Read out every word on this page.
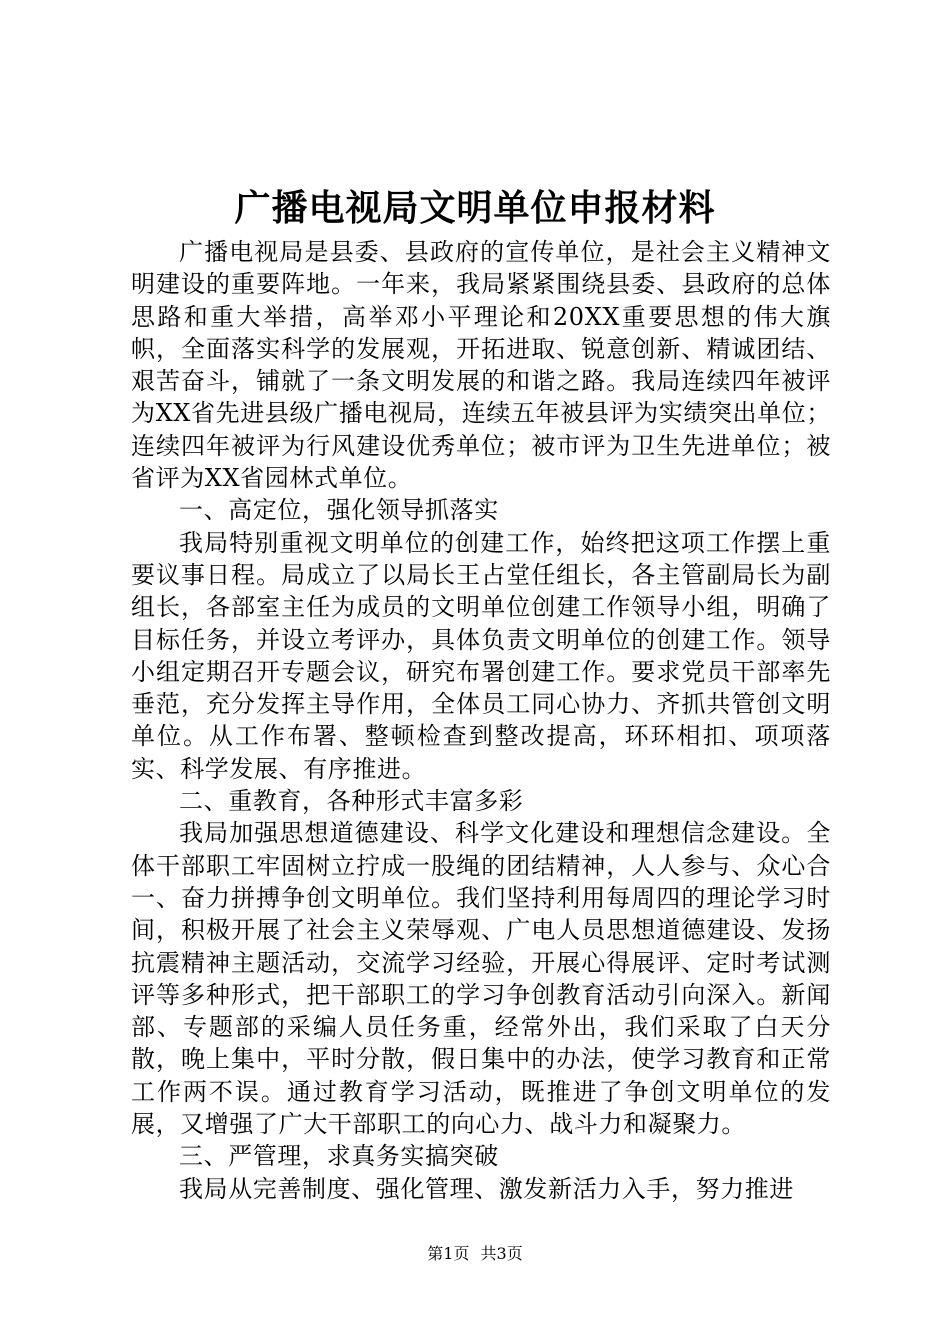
广播电视局文明单位申报材料

广播电视局是县委、县政府的宣传单位，是社会主义精神文明建设的重要阵地。一年来，我局紧紧围绕县委、县政府的总体思路和重大举措，高举邓小平理论和20XX重要思想的伟大旗帜，全面落实科学的发展观，开拓进取、锐意创新、精诚团结、艰苦奋斗，铺就了一条文明发展的和谐之路。我局连续四年被评为XX省先进县级广播电视局，连续五年被县评为实绩突出单位；连续四年被评为行风建设优秀单位；被市评为卫生先进单位；被省评为XX省园林式单位。

一、高定位，强化领导抓落实

我局特别重视文明单位的创建工作，始终把这项工作摆上重要议事日程。局成立了以局长王占堂任组长，各主管副局长为副组长，各部室主任为成员的文明单位创建工作领导小组，明确了目标任务，并设立考评办，具体负责文明单位的创建工作。领导小组定期召开专题会议，研究布署创建工作。要求党员干部率先垂范，充分发挥主导作用，全体员工同心协力、齐抓共管创文明单位。从工作布署、整顿检查到整改提高，环环相扣、项项落实、科学发展、有序推进。

二、重教育，各种形式丰富多彩

我局加强思想道德建设、科学文化建设和理想信念建设。全体干部职工牢固树立拧成一股绳的团结精神，人人参与、众心合一、奋力拼搏争创文明单位。我们坚持利用每周四的理论学习时间，积极开展了社会主义荣辱观、广电人员思想道德建设、发扬抗震精神主题活动，交流学习经验，开展心得展评、定时考试测评等多种形式，把干部职工的学习争创教育活动引向深入。新闻部、专题部的采编人员任务重，经常外出，我们采取了白天分散，晚上集中，平时分散，假日集中的办法，使学习教育和正常工作两不误。通过教育学习活动，既推进了争创文明单位的发展，又增强了广大干部职工的向心力、战斗力和凝聚力。

三、严管理，求真务实搞突破

我局从完善制度、强化管理、激发新活力入手，努力推进

第1页 共3页
